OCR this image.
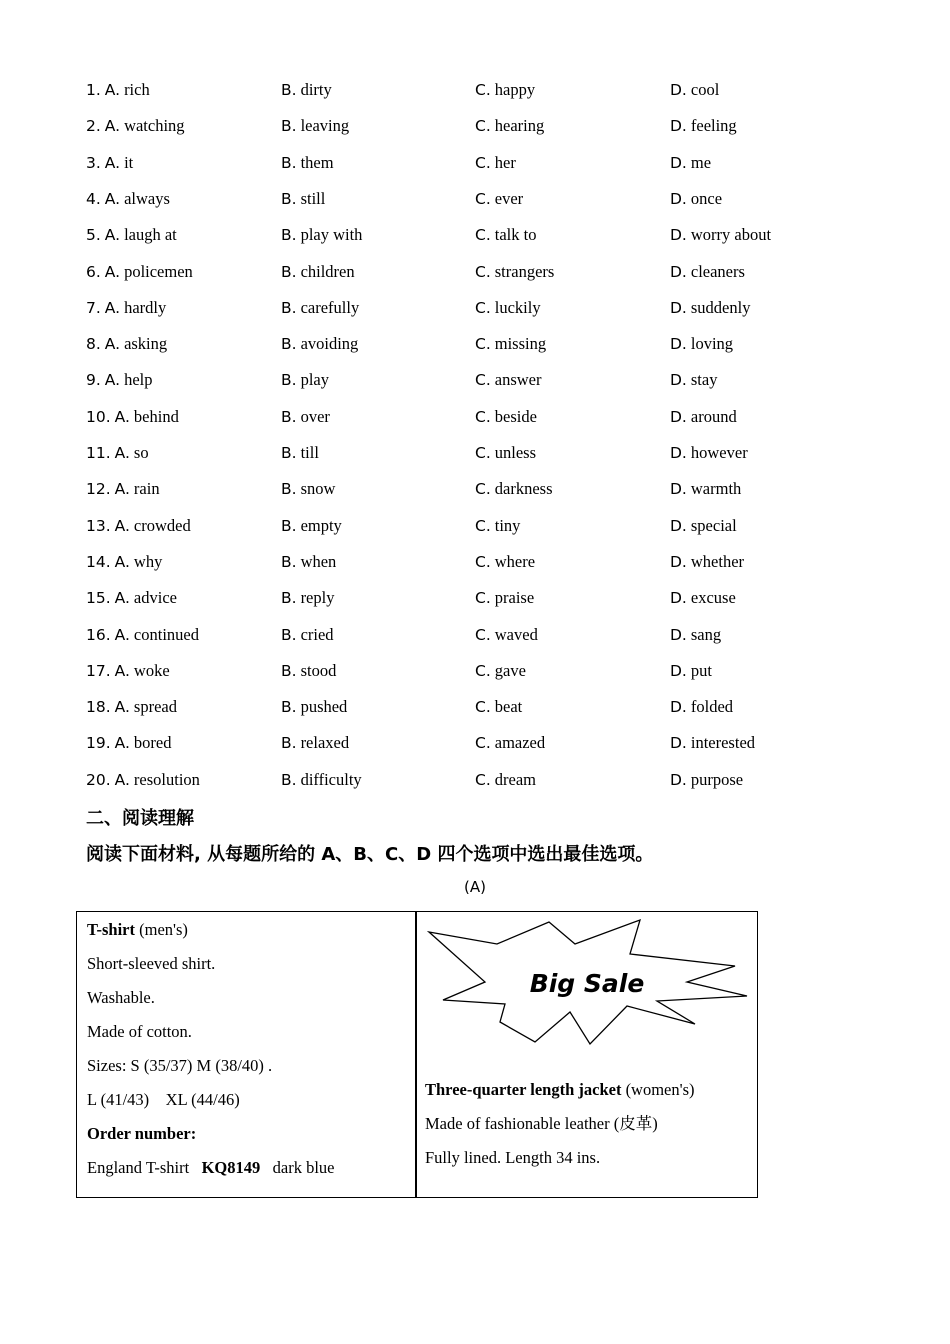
1. A. rich	B. dirty	C. happy	D. cool
2. A. watching	B. leaving	C. hearing	D. feeling
3. A. it	B. them	C. her	D. me
4. A. always	B. still	C. ever	D. once
5. A. laugh at	B. play with	C. talk to	D. worry about
6. A. policemen	B. children	C. strangers	D. cleaners
7. A. hardly	B. carefully	C. luckily	D. suddenly
8. A. asking	B. avoiding	C. missing	D. loving
9. A. help	B. play	C. answer	D. stay
10. A. behind	B. over	C. beside	D. around
11. A. so	B. till	C. unless	D. however
12. A. rain	B. snow	C. darkness	D. warmth
13. A. crowded	B. empty	C. tiny	D. special
14. A. why	B. when	C. where	D. whether
15. A. advice	B. reply	C. praise	D. excuse
16. A. continued	B. cried	C. waved	D. sang
17. A. woke	B. stood	C. gave	D. put
18. A. spread	B. pushed	C. beat	D. folded
19. A. bored	B. relaxed	C. amazed	D. interested
20. A. resolution	B. difficulty	C. dream	D. purpose
二、阅读理解
阅读下面材料, 从每题所给的 A、B、C、D 四个选项中选出最佳选项。
(A)
T-shirt (men's)
Short-sleeved shirt.
Washable.
Made of cotton.
Sizes: S (35/37) M (38/40) .
L (41/43)    XL (44/46)
Order number:
England T-shirt   KQ8149   dark blue
Big Sale
Three-quarter length jacket (women's)
Made of fashionable leather (皮革)
Fully lined. Length 34 ins.
